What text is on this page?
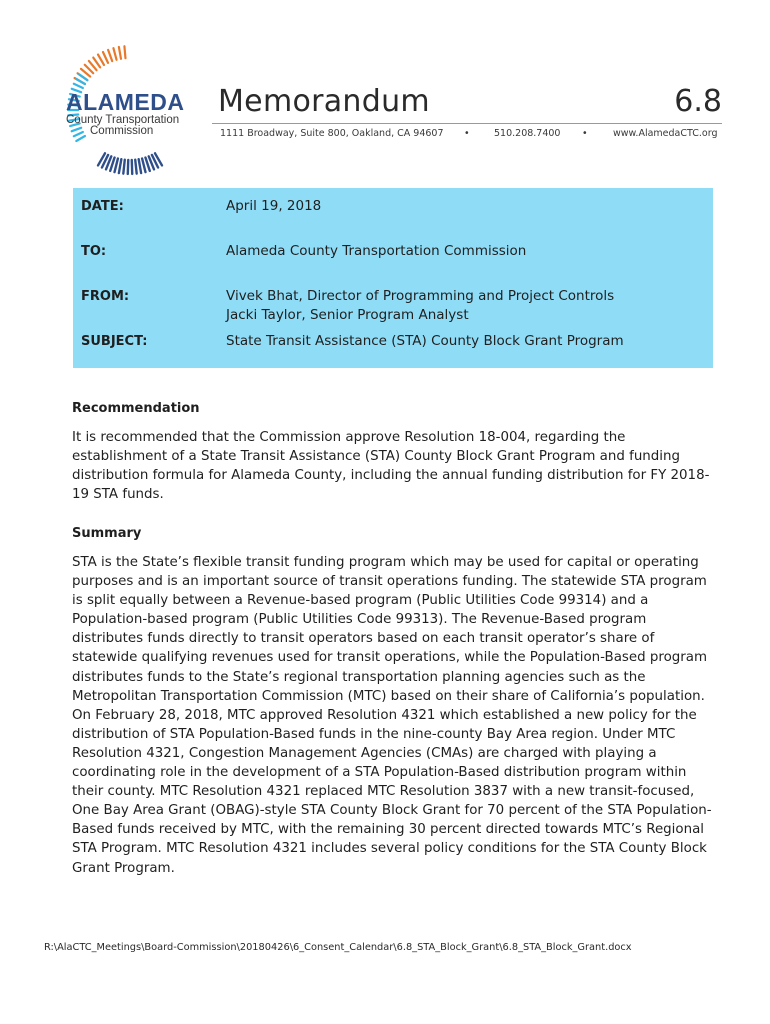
ALAMEDA
County Transportation
Commission
Memorandum	6.8
1111 Broadway, Suite 800, Oakland, CA 94607 •	510.208.7400 •	www.AlamedaCTC.org
DATE:	April 19, 2018
TO:	Alameda County Transportation Commission
FROM:	Vivek Bhat, Director of Programming and Project Controls
Jacki Taylor, Senior Program Analyst
SUBJECT:	State Transit Assistance (STA) County Block Grant Program
Recommendation
It is recommended that the Commission approve Resolution 18-004, regarding the establishment of a State Transit Assistance (STA) County Block Grant Program and funding distribution formula for Alameda County, including the annual funding distribution for FY 2018-19 STA funds.
Summary
STA is the State’s flexible transit funding program which may be used for capital or operating purposes and is an important source of transit operations funding. The statewide STA program is split equally between a Revenue-based program (Public Utilities Code 99314) and a Population-based program (Public Utilities Code 99313). The Revenue-Based program distributes funds directly to transit operators based on each transit operator’s share of statewide qualifying revenues used for transit operations, while the Population-Based program distributes funds to the State’s regional transportation planning agencies such as the Metropolitan Transportation Commission (MTC) based on their share of California’s population. On February 28, 2018, MTC approved Resolution 4321 which established a new policy for the distribution of STA Population-Based funds in the nine-county Bay Area region. Under MTC Resolution 4321, Congestion Management Agencies (CMAs) are charged with playing a coordinating role in the development of a STA Population-Based distribution program within their county. MTC Resolution 4321 replaced MTC Resolution 3837 with a new transit-focused, One Bay Area Grant (OBAG)-style STA County Block Grant for 70 percent of the STA Population-Based funds received by MTC, with the remaining 30 percent directed towards MTC’s Regional STA Program. MTC Resolution 4321 includes several policy conditions for the STA County Block Grant Program.
R:\AlaCTC_Meetings\Board-Commission\20180426\6_Consent_Calendar\6.8_STA_Block_Grant\6.8_STA_Block_Grant.docx
